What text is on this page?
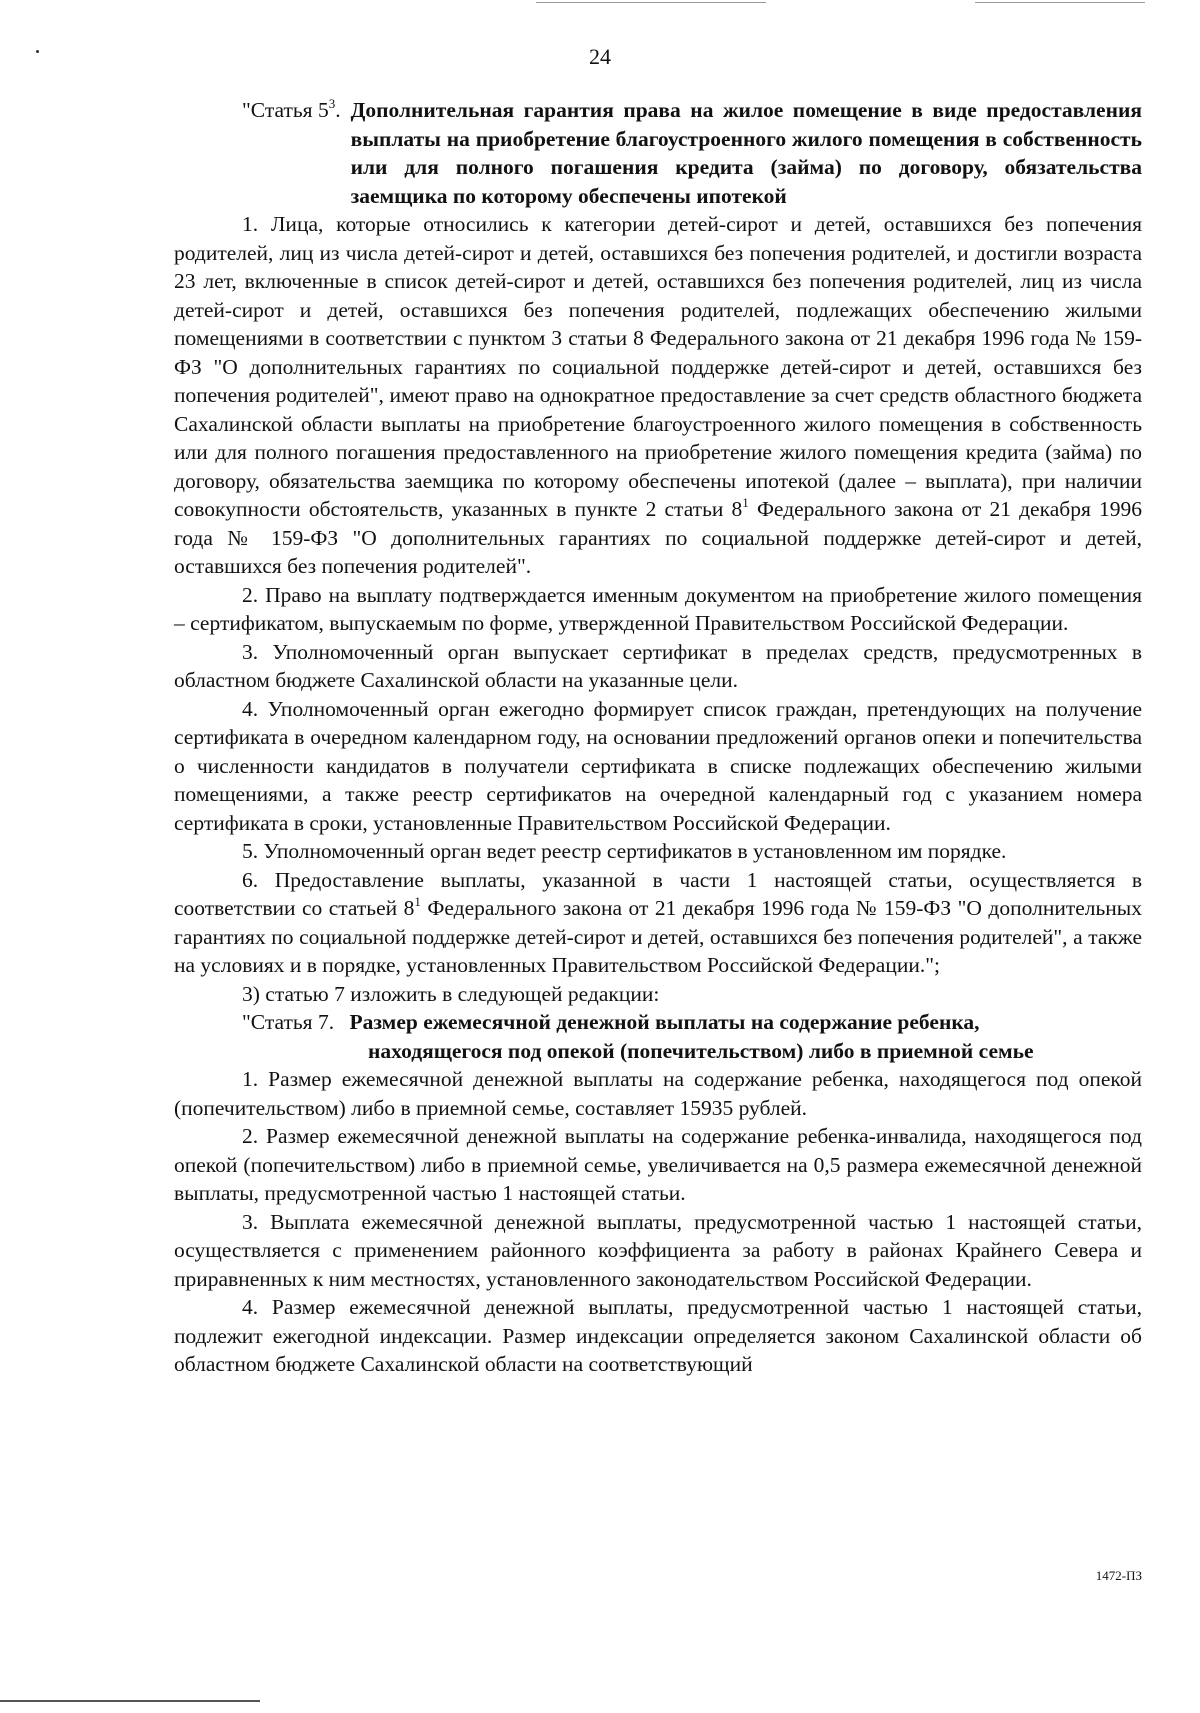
24
"Статья $5^3$. Дополнительная гарантия права на жилое помещение в виде предоставления выплаты на приобретение благоустроенного жилого помещения в собственность или для полного погашения кредита (займа) по договору, обязательства заемщика по которому обеспечены ипотекой

1. Лица, которые относились к категории детей-сирот и детей, оставшихся без попечения родителей, лиц из числа детей-сирот и детей, оставшихся без попечения родителей, и достигли возраста 23 лет, включенные в список детей-сирот и детей, оставшихся без попечения родителей, лиц из числа детей-сирот и детей, оставшихся без попечения родителей, подлежащих обеспечению жилыми помещениями в соответствии с пунктом 3 статьи 8 Федерального закона от 21 декабря 1996 года № 159-ФЗ "О дополнительных гарантиях по социальной поддержке детей-сирот и детей, оставшихся без попечения родителей", имеют право на однократное предоставление за счет средств областного бюджета Сахалинской области выплаты на приобретение благоустроенного жилого помещения в собственность или для полного погашения предоставленного на приобретение жилого помещения кредита (займа) по договору, обязательства заемщика по которому обеспечены ипотекой (далее – выплата), при наличии совокупности обстоятельств, указанных в пункте 2 статьи $8^1$ Федерального закона от 21 декабря 1996 года № 159-ФЗ "О дополнительных гарантиях по социальной поддержке детей-сирот и детей, оставшихся без попечения родителей".

2. Право на выплату подтверждается именным документом на приобретение жилого помещения – сертификатом, выпускаемым по форме, утвержденной Правительством Российской Федерации.

3. Уполномоченный орган выпускает сертификат в пределах средств, предусмотренных в областном бюджете Сахалинской области на указанные цели.

4. Уполномоченный орган ежегодно формирует список граждан, претендующих на получение сертификата в очередном календарном году, на основании предложений органов опеки и попечительства о численности кандидатов в получатели сертификата в списке подлежащих обеспечению жилыми помещениями, а также реестр сертификатов на очередной календарный год с указанием номера сертификата в сроки, установленные Правительством Российской Федерации.

5. Уполномоченный орган ведет реестр сертификатов в установленном им порядке.

6. Предоставление выплаты, указанной в части 1 настоящей статьи, осуществляется в соответствии со статьей $8^1$ Федерального закона от 21 декабря 1996 года № 159-ФЗ "О дополнительных гарантиях по социальной поддержке детей-сирот и детей, оставшихся без попечения родителей", а также на условиях и в порядке, установленных Правительством Российской Федерации.";

3) статью 7 изложить в следующей редакции:

"Статья 7. Размер ежемесячной денежной выплаты на содержание ребенка,
находящегося под опекой (попечительством) либо в приемной семье

1. Размер ежемесячной денежной выплаты на содержание ребенка, находящегося под опекой (попечительством) либо в приемной семье, составляет 15935 рублей.

2. Размер ежемесячной денежной выплаты на содержание ребенка-инвалида, находящегося под опекой (попечительством) либо в приемной семье, увеличивается на 0,5 размера ежемесячной денежной выплаты, предусмотренной частью 1 настоящей статьи.

3. Выплата ежемесячной денежной выплаты, предусмотренной частью 1 настоящей статьи, осуществляется с применением районного коэффициента за работу в районах Крайнего Севера и приравненных к ним местностях, установленного законодательством Российской Федерации.

4. Размер ежемесячной денежной выплаты, предусмотренной частью 1 настоящей статьи, подлежит ежегодной индексации. Размер индексации определяется законом Сахалинской области об областном бюджете Сахалинской области на соответствующий

1472-ПЗ
